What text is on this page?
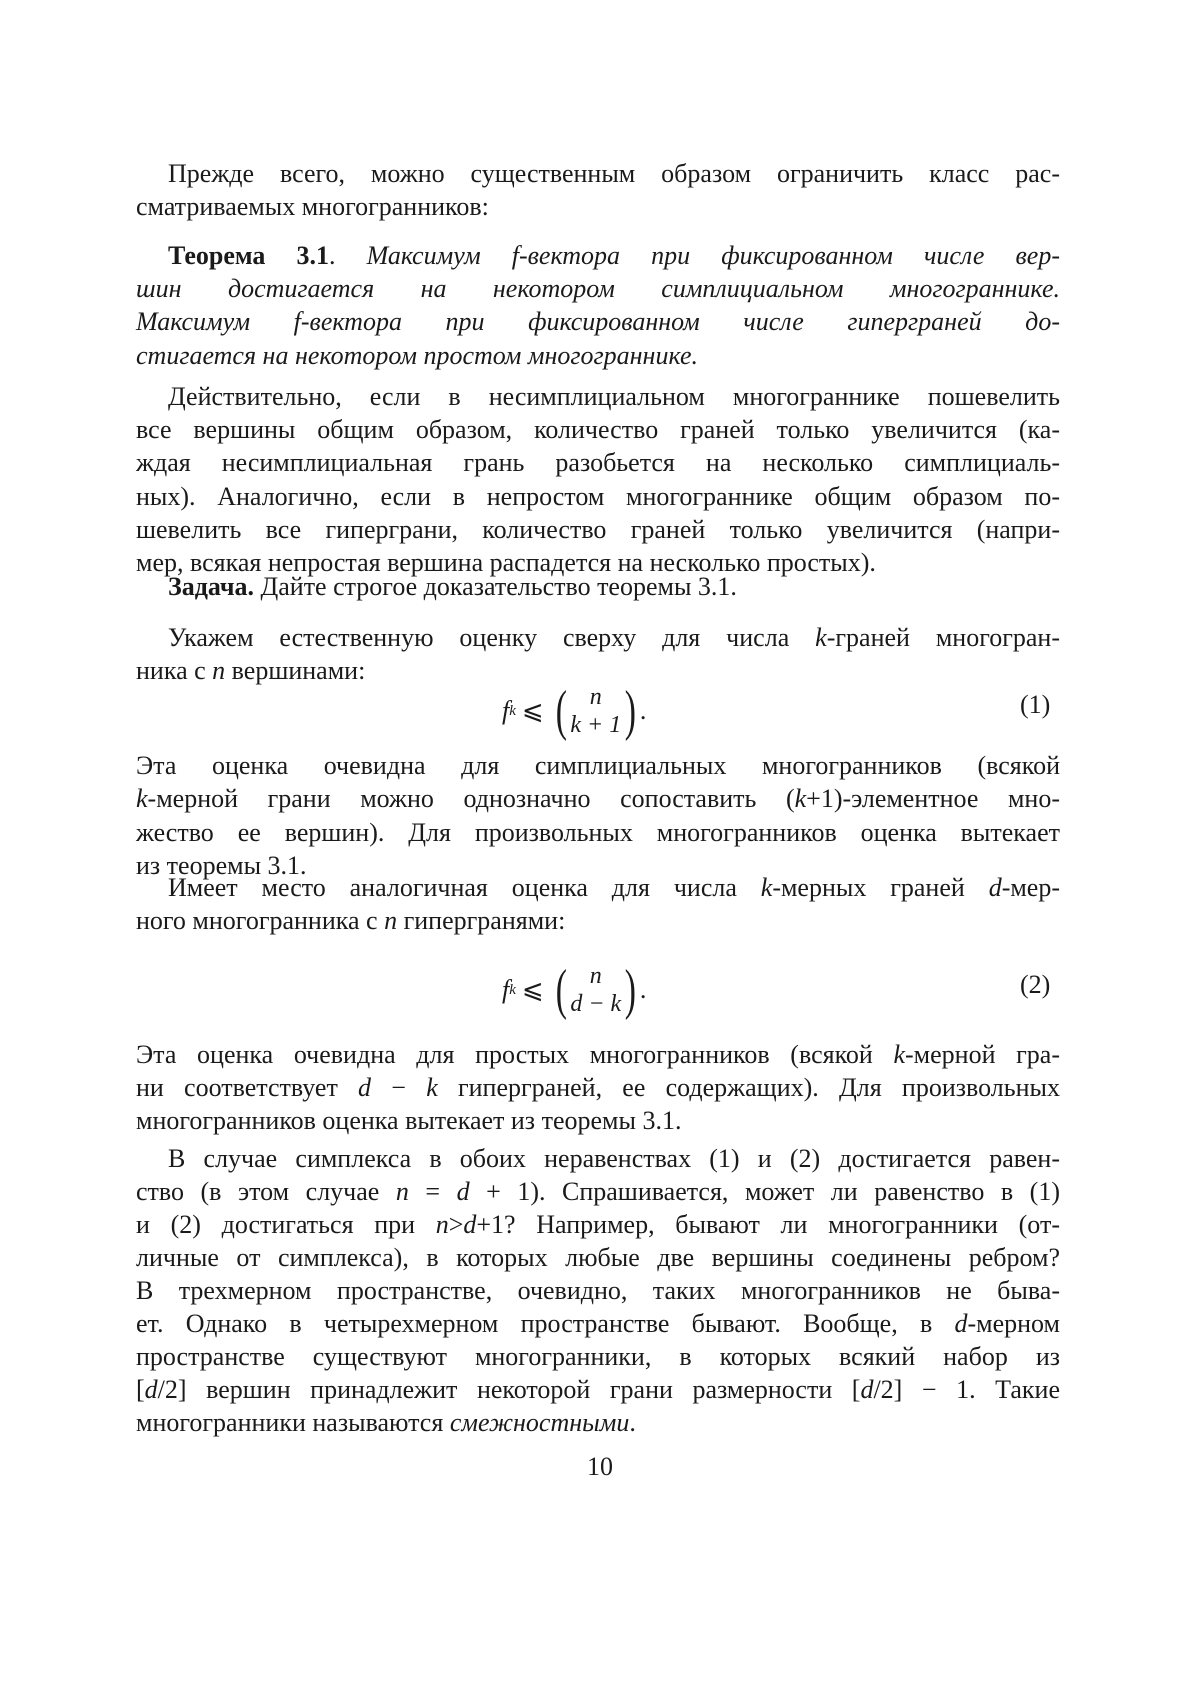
Прежде всего, можно существенным образом ограничить класс рас-
сматриваемых многогранников:
Теорема 3.1. Максимум f-вектора при фиксированном числе вер-
шин достигается на некотором симплициальном многограннике.
Максимум f-вектора при фиксированном числе гиперграней до-
стигается на некотором простом многограннике.
Действительно, если в несимплициальном многограннике пошевелить
все вершины общим образом, количество граней только увеличится (ка-
ждая несимплициальная грань разобьется на несколько симплициаль-
ных). Аналогично, если в непростом многограннике общим образом по-
шевелить все гиперграни, количество граней только увеличится (напри-
мер, всякая непростая вершина распадется на несколько простых).
Задача. Дайте строгое доказательство теоремы 3.1.
Укажем естественную оценку сверху для числа k-граней многогран-
ника с n вершинами:
Эта оценка очевидна для симплициальных многогранников (всякой
k-мерной грани можно однозначно сопоставить (k+1)-элементное мно-
жество ее вершин). Для произвольных многогранников оценка вытекает
из теоремы 3.1.
Имеет место аналогичная оценка для числа k-мерных граней d-мер-
ного многогранника с n гипергранями:
Эта оценка очевидна для простых многогранников (всякой k-мерной гра-
ни соответствует d − k гиперграней, ее содержащих). Для произвольных
многогранников оценка вытекает из теоремы 3.1.
В случае симплекса в обоих неравенствах (1) и (2) достигается равен-
ство (в этом случае n = d + 1). Спрашивается, может ли равенство в (1)
и (2) достигаться при n>d+1? Например, бывают ли многогранники (от-
личные от симплекса), в которых любые две вершины соединены ребром?
В трехмерном пространстве, очевидно, таких многогранников не быва-
ет. Однако в четырехмерном пространстве бывают. Вообще, в d-мерном
пространстве существуют многогранники, в которых всякий набор из
[d/2] вершин принадлежит некоторой грани размерности [d/2] − 1. Такие
многогранники называются смежностными.
f k ⩽ ( n
k + 1 ) .	(1)
f k ⩽ ( n
d − k ) .	(2)
10
